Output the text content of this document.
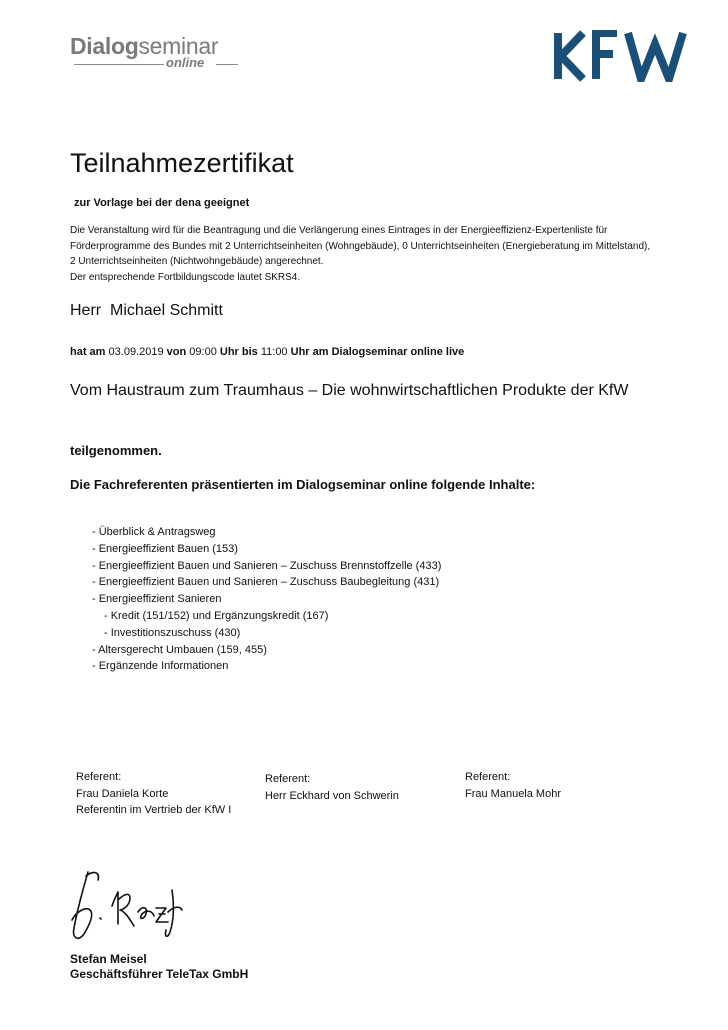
Dialogseminar
online
Teilnahmezertifikat
zur Vorlage bei der dena geeignet
Die Veranstaltung wird für die Beantragung und die Verlängerung eines Eintrages in der Energieeffizienz-Expertenliste für
Förderprogramme des Bundes mit 2 Unterrichtseinheiten (Wohngebäude), 0 Unterrichtseinheiten (Energieberatung im Mittelstand),
2 Unterrichtseinheiten (Nichtwohngebäude) angerechnet.
Der entsprechende Fortbildungscode lautet SKRS4.
Herr  Michael Schmitt
hat am 03.09.2019 von 09:00 Uhr bis 11:00 Uhr am Dialogseminar online live
Vom Haustraum zum Traumhaus – Die wohnwirtschaftlichen Produkte der KfW
teilgenommen.
Die Fachreferenten präsentierten im Dialogseminar online folgende Inhalte:
- Überblick & Antragsweg
- Energieeffizient Bauen (153)
- Energieeffizient Bauen und Sanieren – Zuschuss Brennstoffzelle (433)
- Energieeffizient Bauen und Sanieren – Zuschuss Baubegleitung (431)
- Energieeffizient Sanieren
- Kredit (151/152) und Ergänzungskredit (167)
- Investitionszuschuss (430)
- Altersgerecht Umbauen (159, 455)
- Ergänzende Informationen
Referent:
Frau Daniela Korte
Referentin im Vertrieb der KfW I
Referent:
Herr Eckhard von Schwerin
Referent:
Frau Manuela Mohr
Stefan Meisel
Geschäftsführer TeleTax GmbH
